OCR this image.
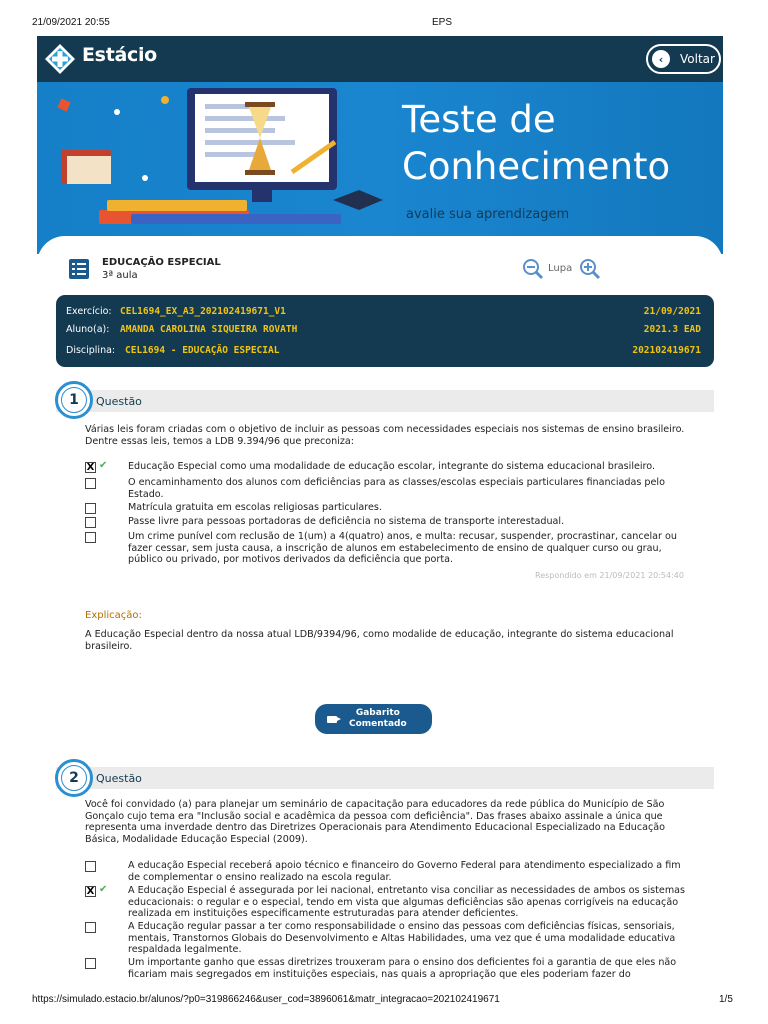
21/09/2021 20:55	EPS
Estácio	‹	Voltar
Teste de
Conhecimento
avalie sua aprendizagem
EDUCAÇÃO ESPECIAL
3ª aula
Lupa
Exercício: CEL1694_EX_A3_202102419671_V1	21/09/2021
Aluno(a): AMANDA CAROLINA SIQUEIRA ROVATH	2021.3 EAD
Disciplina: CEL1694 - EDUCAÇÃO ESPECIAL	202102419671
1	Questão
Várias leis foram criadas com o objetivo de incluir as pessoas com necessidades especiais nos sistemas de ensino brasileiro. Dentre essas leis, temos a LDB 9.394/96 que preconiza:
X ✔ Educação Especial como uma modalidade de educação escolar, integrante do sistema educacional brasileiro.
O encaminhamento dos alunos com deficiências para as classes/escolas especiais particulares financiadas pelo Estado.
Matrícula gratuita em escolas religiosas particulares.
Passe livre para pessoas portadoras de deficiência no sistema de transporte interestadual.
Um crime punível com reclusão de 1(um) a 4(quatro) anos, e multa: recusar, suspender, procrastinar, cancelar ou fazer cessar, sem justa causa, a inscrição de alunos em estabelecimento de ensino de qualquer curso ou grau, público ou privado, por motivos derivados da deficiência que porta.
Respondido em 21/09/2021 20:54:40
Explicação:
A Educação Especial dentro da nossa atual LDB/9394/96, como modalide de educação, integrante do sistema educacional brasileiro.
Gabarito
Comentado
2	Questão
Você foi convidado (a) para planejar um seminário de capacitação para educadores da rede pública do Município de São Gonçalo cujo tema era "Inclusão social e acadêmica da pessoa com deficiência". Das frases abaixo assinale a única que representa uma inverdade dentro das Diretrizes Operacionais para Atendimento Educacional Especializado na Educação Básica, Modalidade Educação Especial (2009).
A educação Especial receberá apoio técnico e financeiro do Governo Federal para atendimento especializado a fim de complementar o ensino realizado na escola regular.
X ✔ A Educação Especial é assegurada por lei nacional, entretanto visa conciliar as necessidades de ambos os sistemas educacionais: o regular e o especial, tendo em vista que algumas deficiências são apenas corrigíveis na educação realizada em instituições especificamente estruturadas para atender deficientes.
A Educação regular passar a ter como responsabilidade o ensino das pessoas com deficiências físicas, sensoriais, mentais, Transtornos Globais do Desenvolvimento e Altas Habilidades, uma vez que é uma modalidade educativa respaldada legalmente.
Um importante ganho que essas diretrizes trouxeram para o ensino dos deficientes foi a garantia de que eles não ficariam mais segregados em instituições especiais, nas quais a apropriação que eles poderiam fazer do
https://simulado.estacio.br/alunos/?p0=319866246&user_cod=3896061&matr_integracao=202102419671	1/5
